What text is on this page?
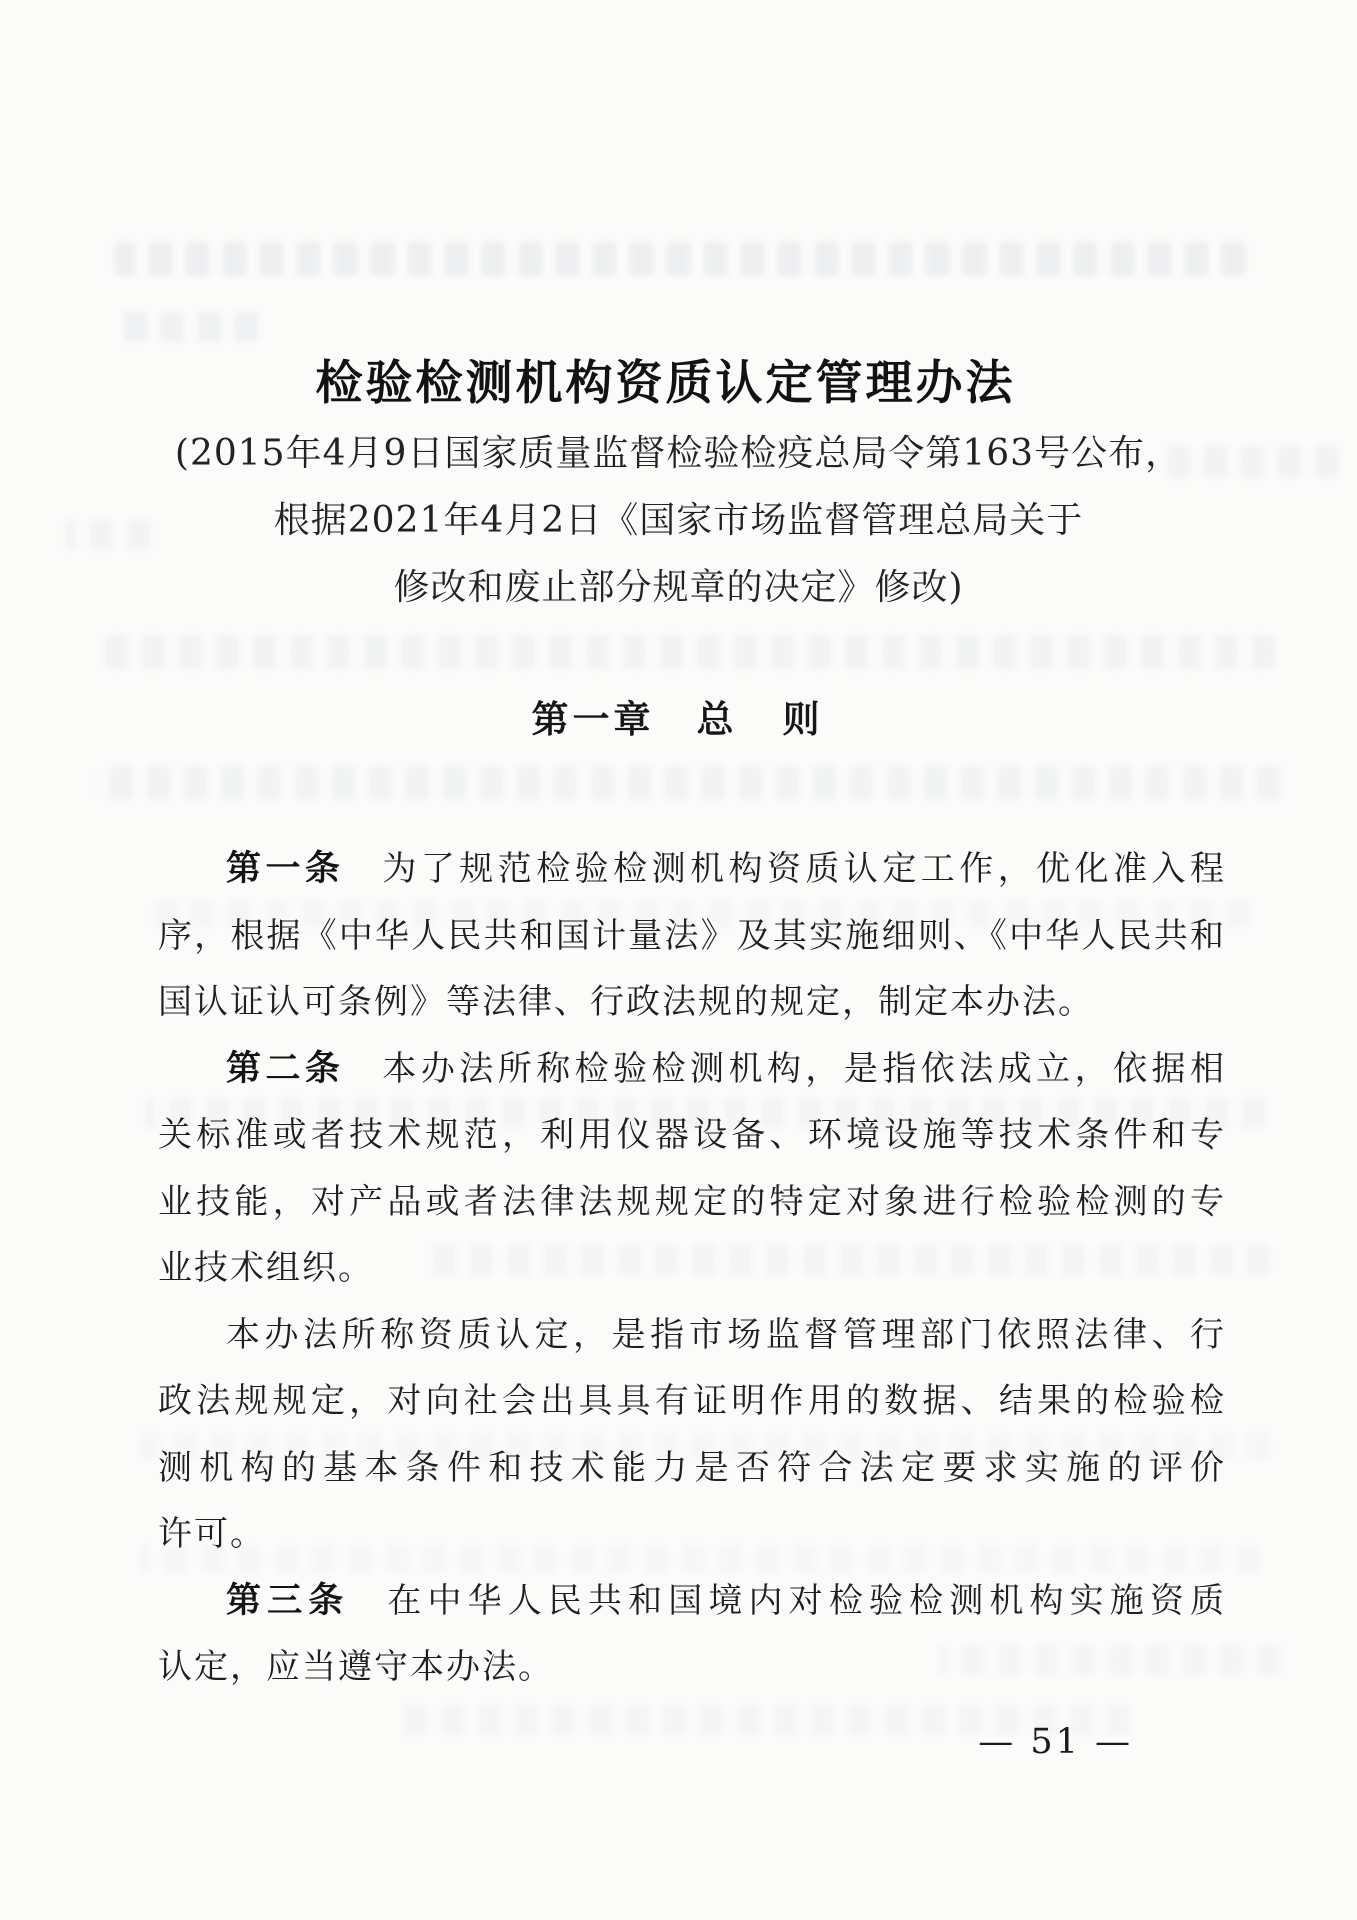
检验检测机构资质认定管理办法
(2015年4月9日国家质量监督检验检疫总局令第163号公布，
根据2021年4月2日《国家市场监督管理总局关于
修改和废止部分规章的决定》修改)
第一章 总　则
第一条 为了规范检验检测机构资质认定工作，优化准入程
序，根据《中华人民共和国计量法》及其实施细则、《中华人民共和
国认证认可条例》等法律、行政法规的规定，制定本办法。
第二条 本办法所称检验检测机构，是指依法成立，依据相
关标准或者技术规范，利用仪器设备、环境设施等技术条件和专
业技能，对产品或者法律法规规定的特定对象进行检验检测的专
业技术组织。
本办法所称资质认定，是指市场监督管理部门依照法律、行
政法规规定，对向社会出具具有证明作用的数据、结果的检验检
测机构的基本条件和技术能力是否符合法定要求实施的评价
许可。
第三条 在中华人民共和国境内对检验检测机构实施资质
认定，应当遵守本办法。
— 51 —
